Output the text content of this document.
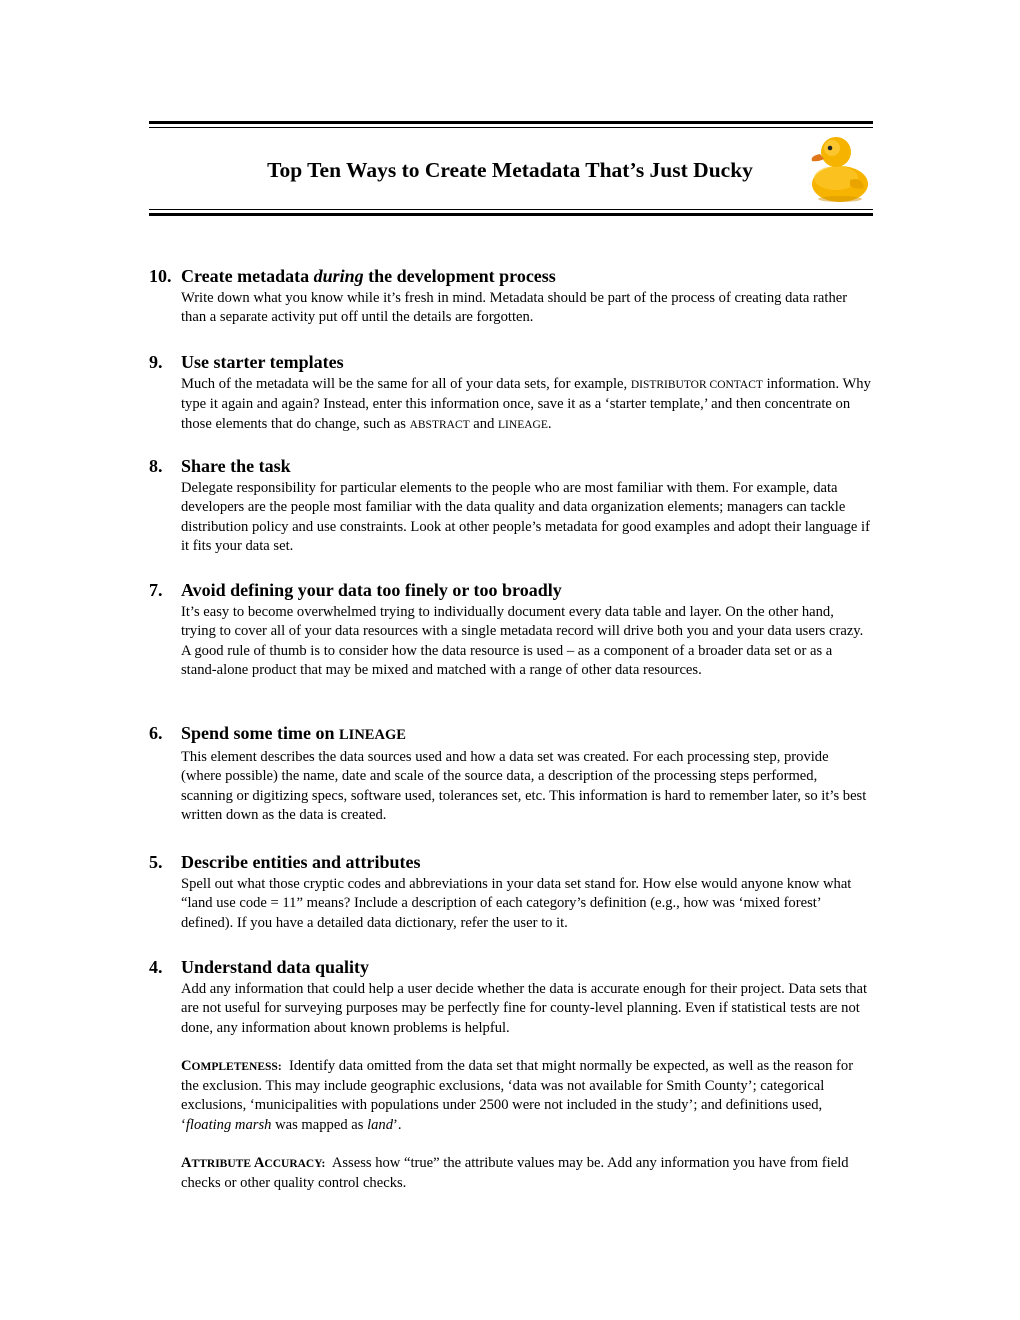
Top Ten Ways to Create Metadata That’s Just Ducky
10. Create metadata during the development process

Write down what you know while it’s fresh in mind. Metadata should be part of the process of creating data rather than a separate activity put off until the details are forgotten.

9. Use starter templates

Much of the metadata will be the same for all of your data sets, for example, DISTRIBUTOR CONTACT information. Why type it again and again? Instead, enter this information once, save it as a ‘starter template,’ and then concentrate on those elements that do change, such as ABSTRACT and LINEAGE.

8. Share the task

Delegate responsibility for particular elements to the people who are most familiar with them. For example, data developers are the people most familiar with the data quality and data organization elements; managers can tackle distribution policy and use constraints. Look at other people’s metadata for good examples and adopt their language if it fits your data set.

7. Avoid defining your data too finely or too broadly

It’s easy to become overwhelmed trying to individually document every data table and layer. On the other hand, trying to cover all of your data resources with a single metadata record will drive both you and your data users crazy. A good rule of thumb is to consider how the data resource is used – as a component of a broader data set or as a stand-alone product that may be mixed and matched with a range of other data resources.

6. Spend some time on LINEAGE

This element describes the data sources used and how a data set was created. For each processing step, provide (where possible) the name, date and scale of the source data, a description of the processing steps performed, scanning or digitizing specs, software used, tolerances set, etc. This information is hard to remember later, so it’s best written down as the data is created.

5. Describe entities and attributes

Spell out what those cryptic codes and abbreviations in your data set stand for. How else would anyone know what “land use code = 11” means? Include a description of each category’s definition (e.g., how was ‘mixed forest’ defined). If you have a detailed data dictionary, refer the user to it.

4. Understand data quality

Add any information that could help a user decide whether the data is accurate enough for their project. Data sets that are not useful for surveying purposes may be perfectly fine for county-level planning. Even if statistical tests are not done, any information about known problems is helpful.

COMPLETENESS:  Identify data omitted from the data set that might normally be expected, as well as the reason for the exclusion. This may include geographic exclusions, ‘data was not available for Smith County’; categorical exclusions, ‘municipalities with populations under 2500 were not included in the study’; and definitions used, ‘floating marsh was mapped as land’.

ATTRIBUTE ACCURACY:  Assess how “true” the attribute values may be. Add any information you have from field checks or other quality control checks.
